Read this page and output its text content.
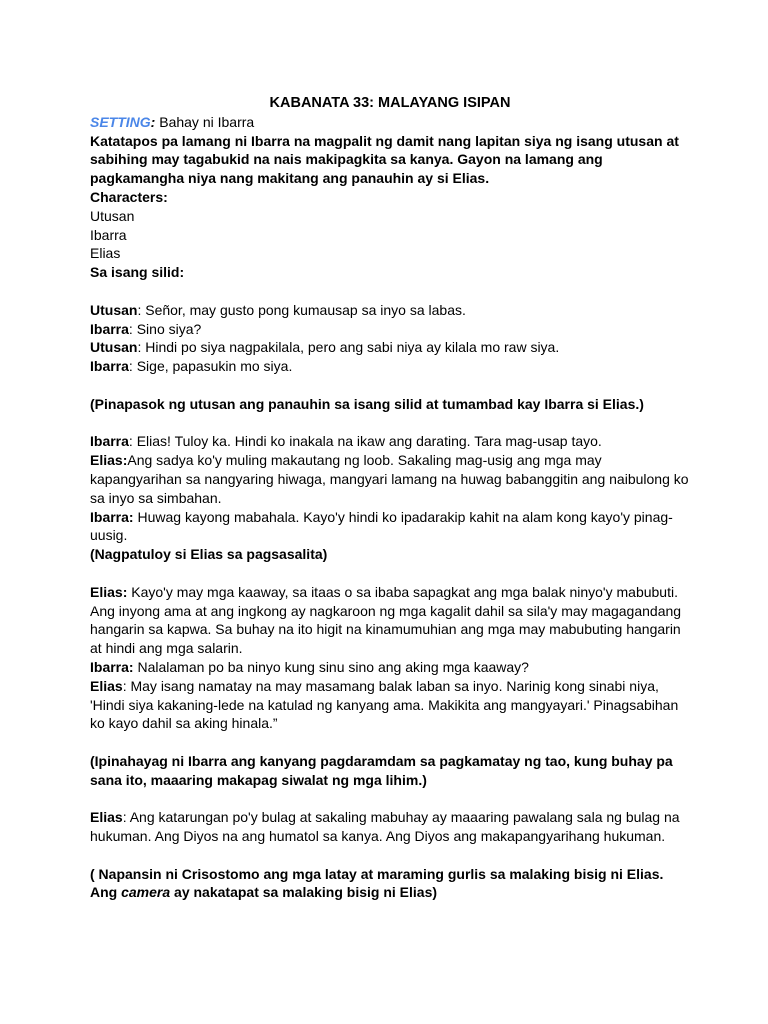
KABANATA 33: MALAYANG ISIPAN

SETTING: Bahay ni Ibarra

Katatapos pa lamang ni Ibarra na magpalit ng damit nang lapitan siya ng isang utusan at sabihing may tagabukid na nais makipagkita sa kanya. Gayon na lamang ang pagkamangha niya nang makitang ang panauhin ay si Elias.

Characters:

Utusan

Ibarra

Elias

Sa isang silid:

Utusan: Señor, may gusto pong kumausap sa inyo sa labas.

Ibarra: Sino siya?

Utusan: Hindi po siya nagpakilala, pero ang sabi niya ay kilala mo raw siya.

Ibarra: Sige, papasukin mo siya.

(Pinapasok ng utusan ang panauhin sa isang silid at tumambad kay Ibarra si Elias.)

Ibarra: Elias! Tuloy ka. Hindi ko inakala na ikaw ang darating. Tara mag-usap tayo.

Elias:Ang sadya ko'y muling makautang ng loob. Sakaling mag-usig ang mga may kapangyarihan sa nangyaring hiwaga, mangyari lamang na huwag babanggitin ang naibulong ko sa inyo sa simbahan.

Ibarra: Huwag kayong mabahala. Kayo'y hindi ko ipadarakip kahit na alam kong kayo'y pinag-uusig.

(Nagpatuloy si Elias sa pagsasalita)

Elias: Kayo'y may mga kaaway, sa itaas o sa ibaba sapagkat ang mga balak ninyo'y mabubuti. Ang inyong ama at ang ingkong ay nagkaroon ng mga kagalit dahil sa sila'y may magagandang hangarin sa kapwa. Sa buhay na ito higit na kinamumuhian ang mga may mabubuting hangarin at hindi ang mga salarin.

Ibarra: Nalalaman po ba ninyo kung sinu sino ang aking mga kaaway?

Elias: May isang namatay na may masamang balak laban sa inyo. Narinig kong sinabi niya, 'Hindi siya kakaning-lede na katulad ng kanyang ama. Makikita ang mangyayari.' Pinagsabihan ko kayo dahil sa aking hinala.”

(Ipinahayag ni Ibarra ang kanyang pagdaramdam sa pagkamatay ng tao, kung buhay pa sana ito, maaaring makapag siwalat ng mga lihim.)

Elias: Ang katarungan po'y bulag at sakaling mabuhay ay maaaring pawalang sala ng bulag na hukuman. Ang Diyos na ang humatol sa kanya. Ang Diyos ang makapangyarihang hukuman.

( Napansin ni Crisostomo ang mga latay at maraming gurlis sa malaking bisig ni Elias. Ang camera ay nakatapat sa malaking bisig ni Elias)
